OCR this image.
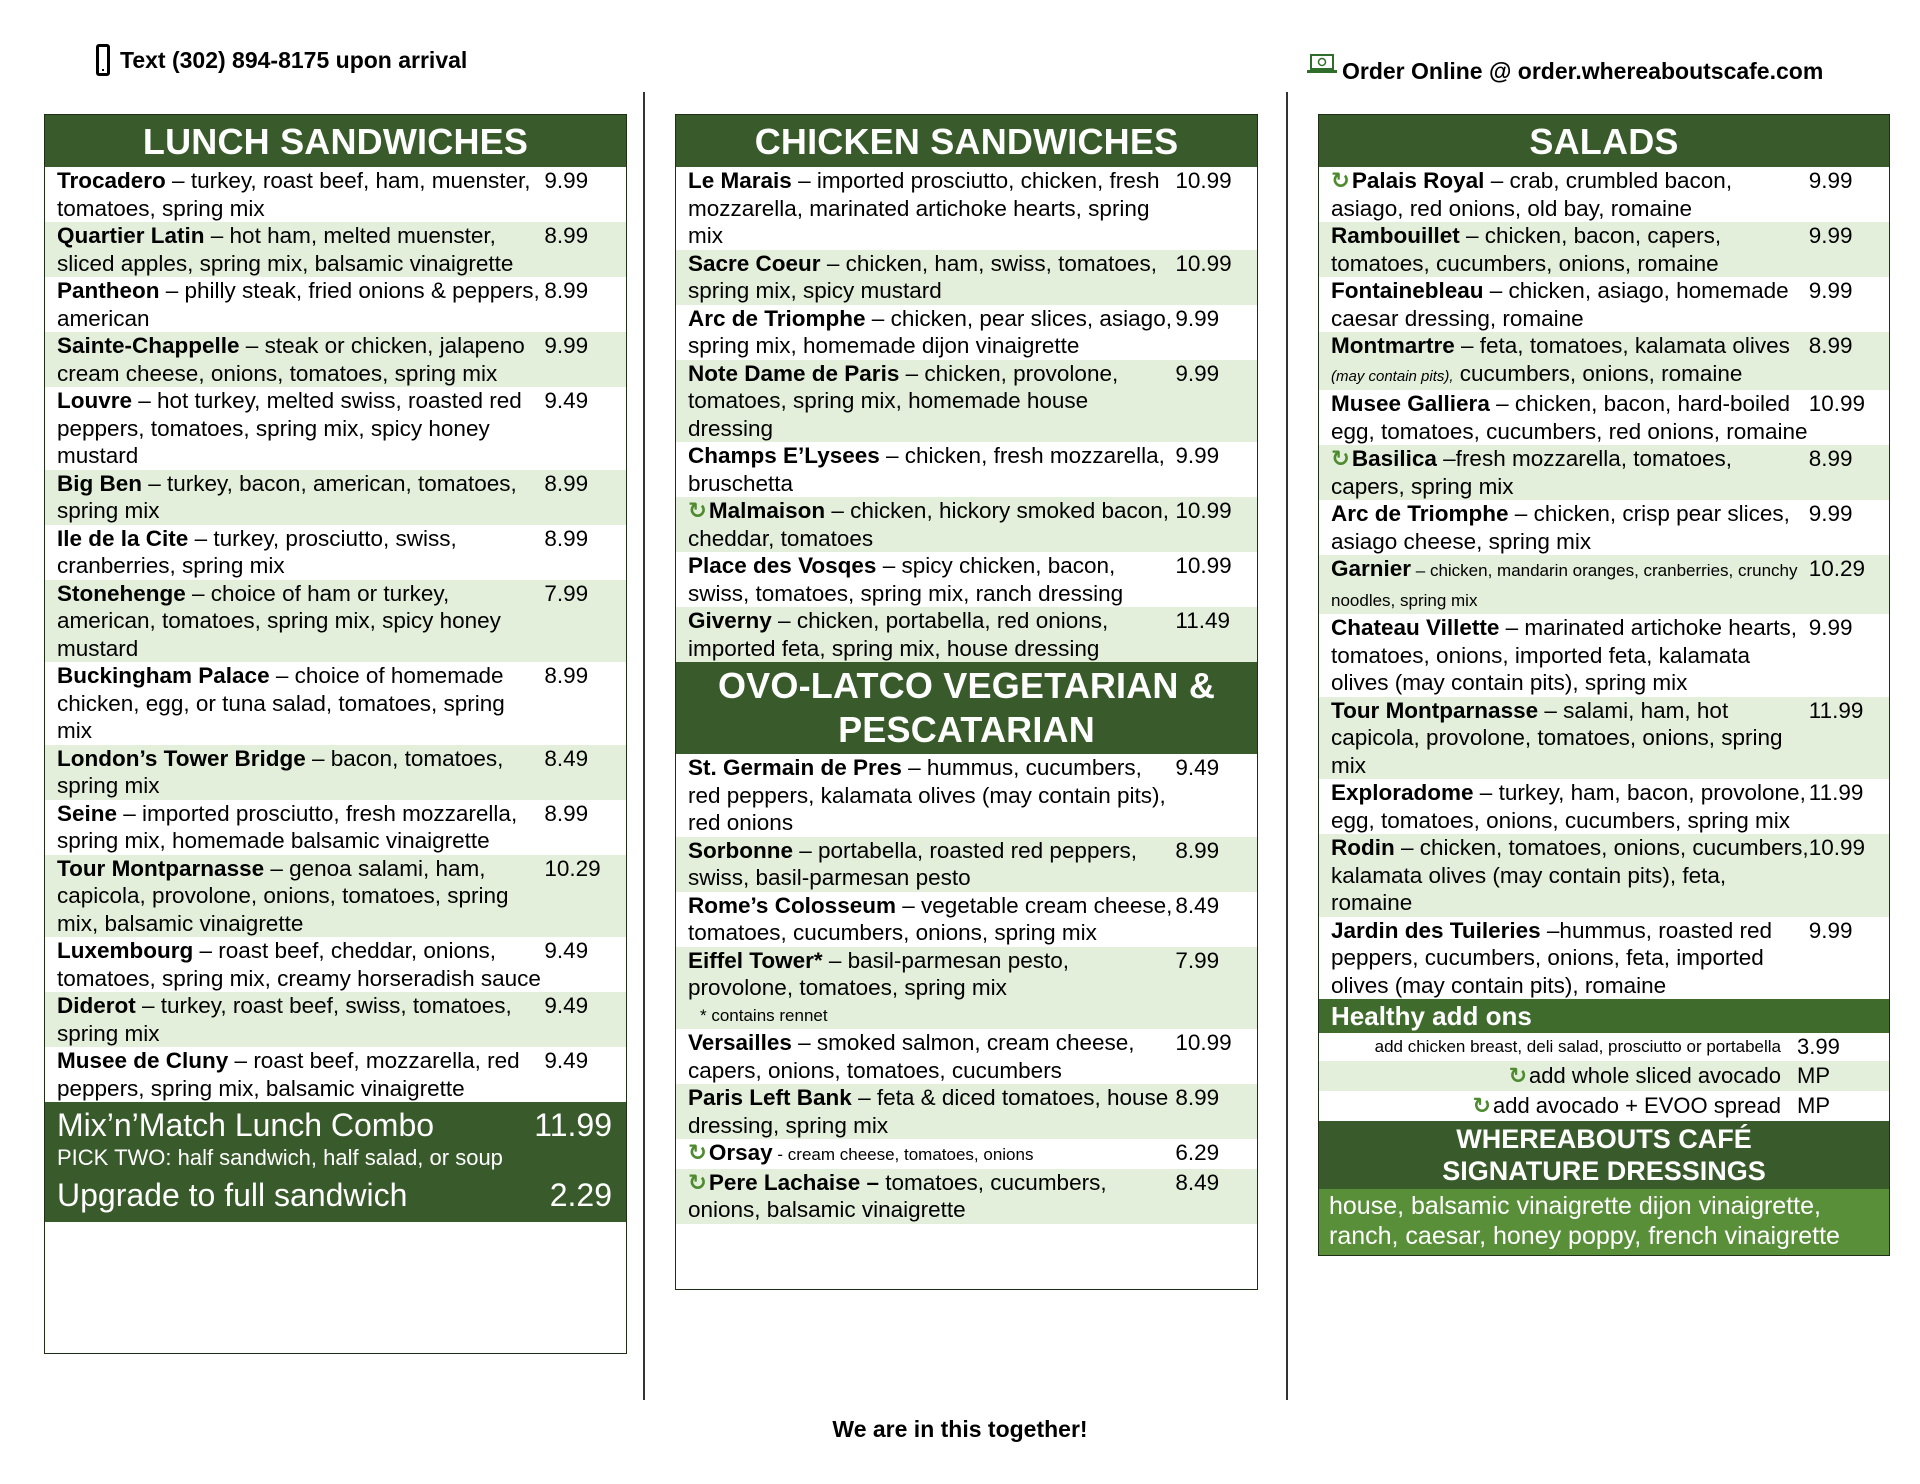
Text (302) 894-8175 upon arrival	Order Online @ order.whereaboutscafe.com
LUNCH SANDWICHES
Trocadero – turkey, roast beef, ham, muenster, tomatoes, spring mix
9.99
Quartier Latin – hot ham, melted muenster, sliced apples, spring mix, balsamic vinaigrette
8.99
Pantheon – philly steak, fried onions & peppers, american
8.99
Sainte-Chappelle – steak or chicken, jalapeno cream cheese, onions, tomatoes, spring mix
9.99
Louvre – hot turkey, melted swiss, roasted red peppers, tomatoes, spring mix, spicy honey mustard
9.49
Big Ben – turkey, bacon, american, tomatoes, spring mix
8.99
Ile de la Cite – turkey, prosciutto, swiss, cranberries, spring mix
8.99
Stonehenge – choice of ham or turkey, american, tomatoes, spring mix, spicy honey mustard
7.99
Buckingham Palace – choice of homemade chicken, egg, or tuna salad, tomatoes, spring mix
8.99
London’s Tower Bridge – bacon, tomatoes, spring mix
8.49
Seine – imported prosciutto, fresh mozzarella, spring mix, homemade balsamic vinaigrette
8.99
Tour Montparnasse – genoa salami, ham, capicola, provolone, onions, tomatoes, spring mix, balsamic vinaigrette
10.29
Luxembourg – roast beef, cheddar, onions, tomatoes, spring mix, creamy horseradish sauce
9.49
Diderot – turkey, roast beef, swiss, tomatoes, spring mix
9.49
Musee de Cluny – roast beef, mozzarella, red peppers, spring mix, balsamic vinaigrette
9.49
Mix’n’Match Lunch Combo	11.99
PICK TWO: half sandwich, half salad, or soup
Upgrade to full sandwich	2.29
CHICKEN SANDWICHES
Le Marais – imported prosciutto, chicken, fresh mozzarella, marinated artichoke hearts, spring mix
10.99
Sacre Coeur – chicken, ham, swiss, tomatoes, spring mix, spicy mustard
10.99
Arc de Triomphe – chicken, pear slices, asiago, spring mix, homemade dijon vinaigrette
9.99
Note Dame de Paris – chicken, provolone, tomatoes, spring mix, homemade house dressing
9.99
Champs E’Lysees – chicken, fresh mozzarella, bruschetta
9.99
↻Malmaison – chicken, hickory smoked bacon, cheddar, tomatoes
10.99
Place des Vosqes – spicy chicken, bacon, swiss, tomatoes, spring mix, ranch dressing
10.99
Giverny – chicken, portabella, red onions, imported feta, spring mix, house dressing
11.49
OVO-LATCO VEGETARIAN & PESCATARIAN
St. Germain de Pres – hummus, cucumbers, red peppers, kalamata olives (may contain pits), red onions
9.49
Sorbonne – portabella, roasted red peppers, swiss, basil-parmesan pesto
8.99
Rome’s Colosseum – vegetable cream cheese, tomatoes, cucumbers, onions, spring mix
8.49
Eiffel Tower* – basil-parmesan pesto, provolone, tomatoes, spring mix
* contains rennet
7.99
Versailles – smoked salmon, cream cheese, capers, onions, tomatoes, cucumbers
10.99
Paris Left Bank – feta & diced tomatoes, house dressing, spring mix
8.99
↻Orsay - cream cheese, tomatoes, onions	6.29
↻Pere Lachaise – tomatoes, cucumbers, onions, balsamic vinaigrette
8.49
SALADS
↻Palais Royal – crab, crumbled bacon, asiago, red onions, old bay, romaine
9.99
Rambouillet – chicken, bacon, capers, tomatoes, cucumbers, onions, romaine
9.99
Fontainebleau – chicken, asiago, homemade caesar dressing, romaine
9.99
Montmartre – feta, tomatoes, kalamata olives (may contain pits), cucumbers, onions, romaine
8.99
Musee Galliera – chicken, bacon, hard-boiled egg, tomatoes, cucumbers, red onions, romaine
10.99
↻Basilica –fresh mozzarella, tomatoes, capers, spring mix
8.99
Arc de Triomphe – chicken, crisp pear slices, asiago cheese, spring mix
9.99
Garnier – chicken, mandarin oranges, cranberries, crunchy noodles, spring mix
10.29
Chateau Villette – marinated artichoke hearts, tomatoes, onions, imported feta, kalamata olives (may contain pits), spring mix
9.99
Tour Montparnasse – salami, ham, hot capicola, provolone, tomatoes, onions, spring mix
11.99
Exploradome – turkey, ham, bacon, provolone, egg, tomatoes, onions, cucumbers, spring mix
11.99
Rodin – chicken, tomatoes, onions, cucumbers, kalamata olives (may contain pits), feta, romaine
10.99
Jardin des Tuileries –hummus, roasted red peppers, cucumbers, onions, feta, imported olives (may contain pits), romaine
9.99
Healthy add ons
add chicken breast, deli salad, prosciutto or portabella 3.99
↻add whole sliced avocado MP
↻add avocado + EVOO spread MP
WHEREABOUTS CAFÉ
SIGNATURE DRESSINGS
house, balsamic vinaigrette dijon vinaigrette, ranch, caesar, honey poppy, french vinaigrette
We are in this together!
